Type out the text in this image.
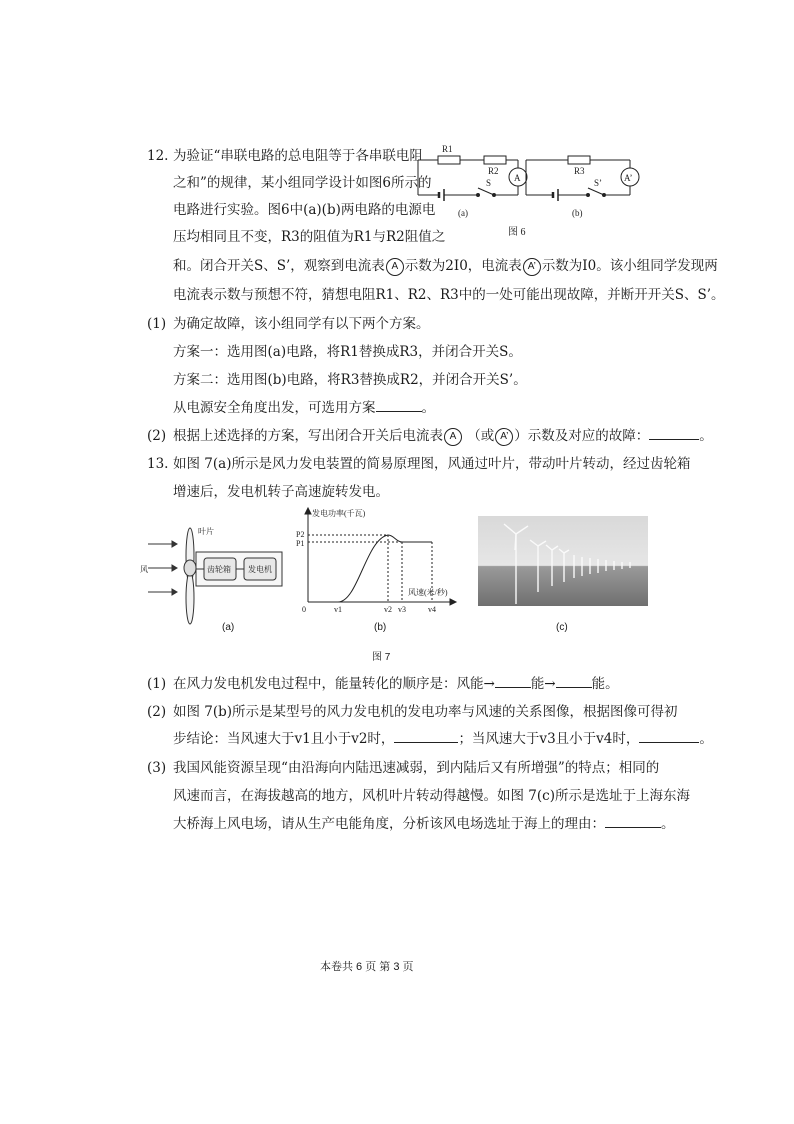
12. 为验证“串联电路的总电阻等于各串联电阻
之和”的规律，某小组同学设计如图6所示的
电路进行实验。图6中(a)(b)两电路的电源电
压均相同且不变，R3的阻值为R1与R2阻值之
和。闭合开关S、S’，观察到电流表 A 示数为2I0，电流表 A’ 示数为I0。该小组同学发现两
电流表示数与预想不符，猜想电阻R1、R2、R3中的一处可能出现故障，并断开开关S、S’。
(1) 为确定故障，该小组同学有以下两个方案。
方案一：选用图(a)电路，将R1替换成R3，并闭合开关S。
方案二：选用图(b)电路，将R3替换成R2，并闭合开关S’。
从电源安全角度出发，可选用方案	。
(2) 根据上述选择的方案，写出闭合开关后电流表 A （或 A’ ）示数及对应的故障：	。
R1
R2	R3
A	A’
S	S’
(a)	(b)
图 6
13. 如图 7(a)所示是风力发电装置的简易原理图，风通过叶片，带动叶片转动，经过齿轮箱
增速后，发电机转子高速旋转发电。
叶片
风	齿轮箱 发电机
(a)
发电功率(千瓦)
风速(米/秒)
P2
P1
0	v1	v2 v3	v4
(b)	(c)
图 7
(1) 在风力发电机发电过程中，能量转化的顺序是：风能→	能→	能。
(2) 如图 7(b)所示是某型号的风力发电机的发电功率与风速的关系图像，根据图像可得初
步结论：当风速大于v1且小于v2时，	；当风速大于v3且小于v4时，	。
(3) 我国风能资源呈现“由沿海向内陆迅速减弱，到内陆后又有所增强”的特点；相同的
风速而言，在海拔越高的地方，风机叶片转动得越慢。如图 7(c)所示是选址于上海东海
大桥海上风电场，请从生产电能角度，分析该风电场选址于海上的理由：	。
本卷共 6 页 第 3 页
